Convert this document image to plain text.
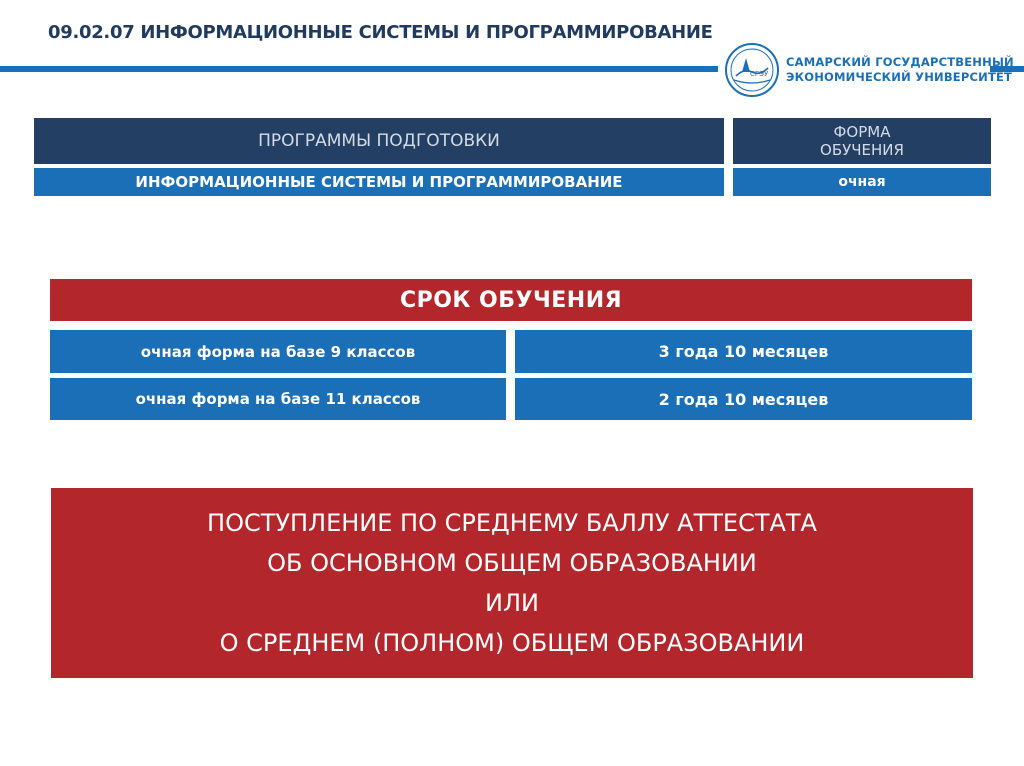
09.02.07 ИНФОРМАЦИОННЫЕ СИСТЕМЫ И ПРОГРАММИРОВАНИЕ
СГЭУ
САМАРСКИЙ ГОСУДАРСТВЕННЫЙ
ЭКОНОМИЧЕСКИЙ УНИВЕРСИТЕТ
ПРОГРАММЫ ПОДГОТОВКИ	ФОРМА
ОБУЧЕНИЯ
ИНФОРМАЦИОННЫЕ СИСТЕМЫ И ПРОГРАММИРОВАНИЕ	очная
СРОК ОБУЧЕНИЯ
очная форма на базе 9 классов	3 года 10 месяцев
очная форма на базе 11 классов	2 года 10 месяцев
ПОСТУПЛЕНИЕ ПО СРЕДНЕМУ БАЛЛУ АТТЕСТАТА
ОБ ОСНОВНОМ ОБЩЕМ ОБРАЗОВАНИИ
ИЛИ
О СРЕДНЕМ (ПОЛНОМ) ОБЩЕМ ОБРАЗОВАНИИ
